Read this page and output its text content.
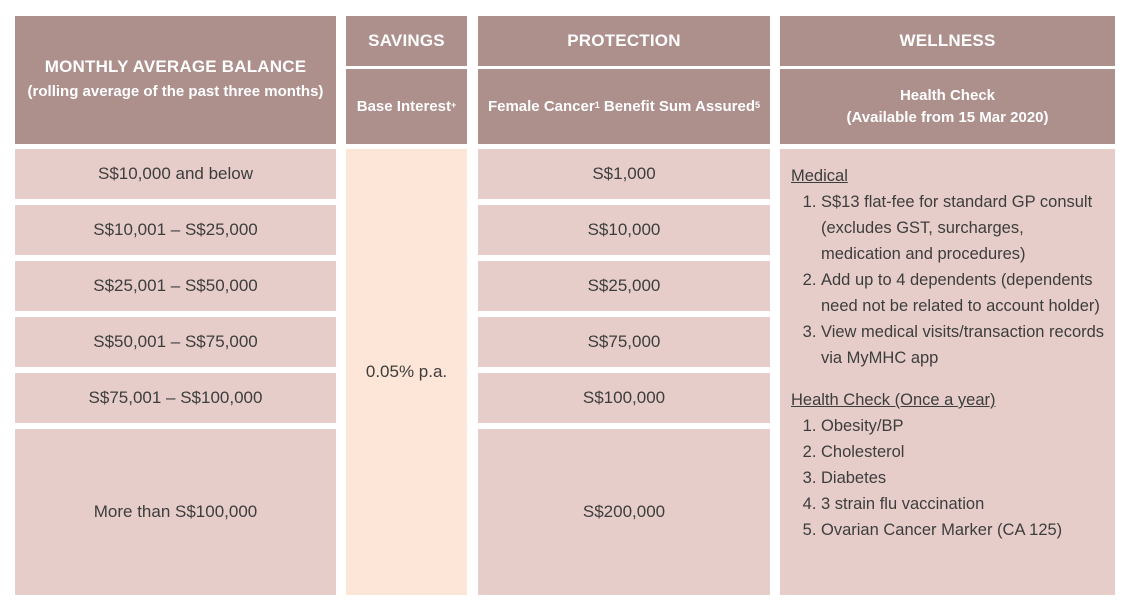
MONTHLY AVERAGE BALANCE
(rolling average of the past three months)
SAVINGS	PROTECTION	WELLNESS
Base Interest+ Female Cancer$^1$ Benefit Sum Assured$^5$
Health Check
(Available from 15 Mar 2020)
S$10,000 and below
S$10,001 – S$25,000
S$25,001 – S$50,000
S$50,001 – S$75,000
S$75,001 – S$100,000
More than S$100,000
0.05% p.a.
S$1,000
S$10,000
S$25,000
S$75,000
S$100,000
S$200,000
Medical
1. S$13 flat-fee for standard GP consult (excludes GST, surcharges, medication and procedures)
2. Add up to 4 dependents (dependents need not be related to account holder)
3. View medical visits/transaction records via MyMHC app
Health Check (Once a year)
1. Obesity/BP
2. Cholesterol
3. Diabetes
4. 3 strain flu vaccination
5. Ovarian Cancer Marker (CA 125)
